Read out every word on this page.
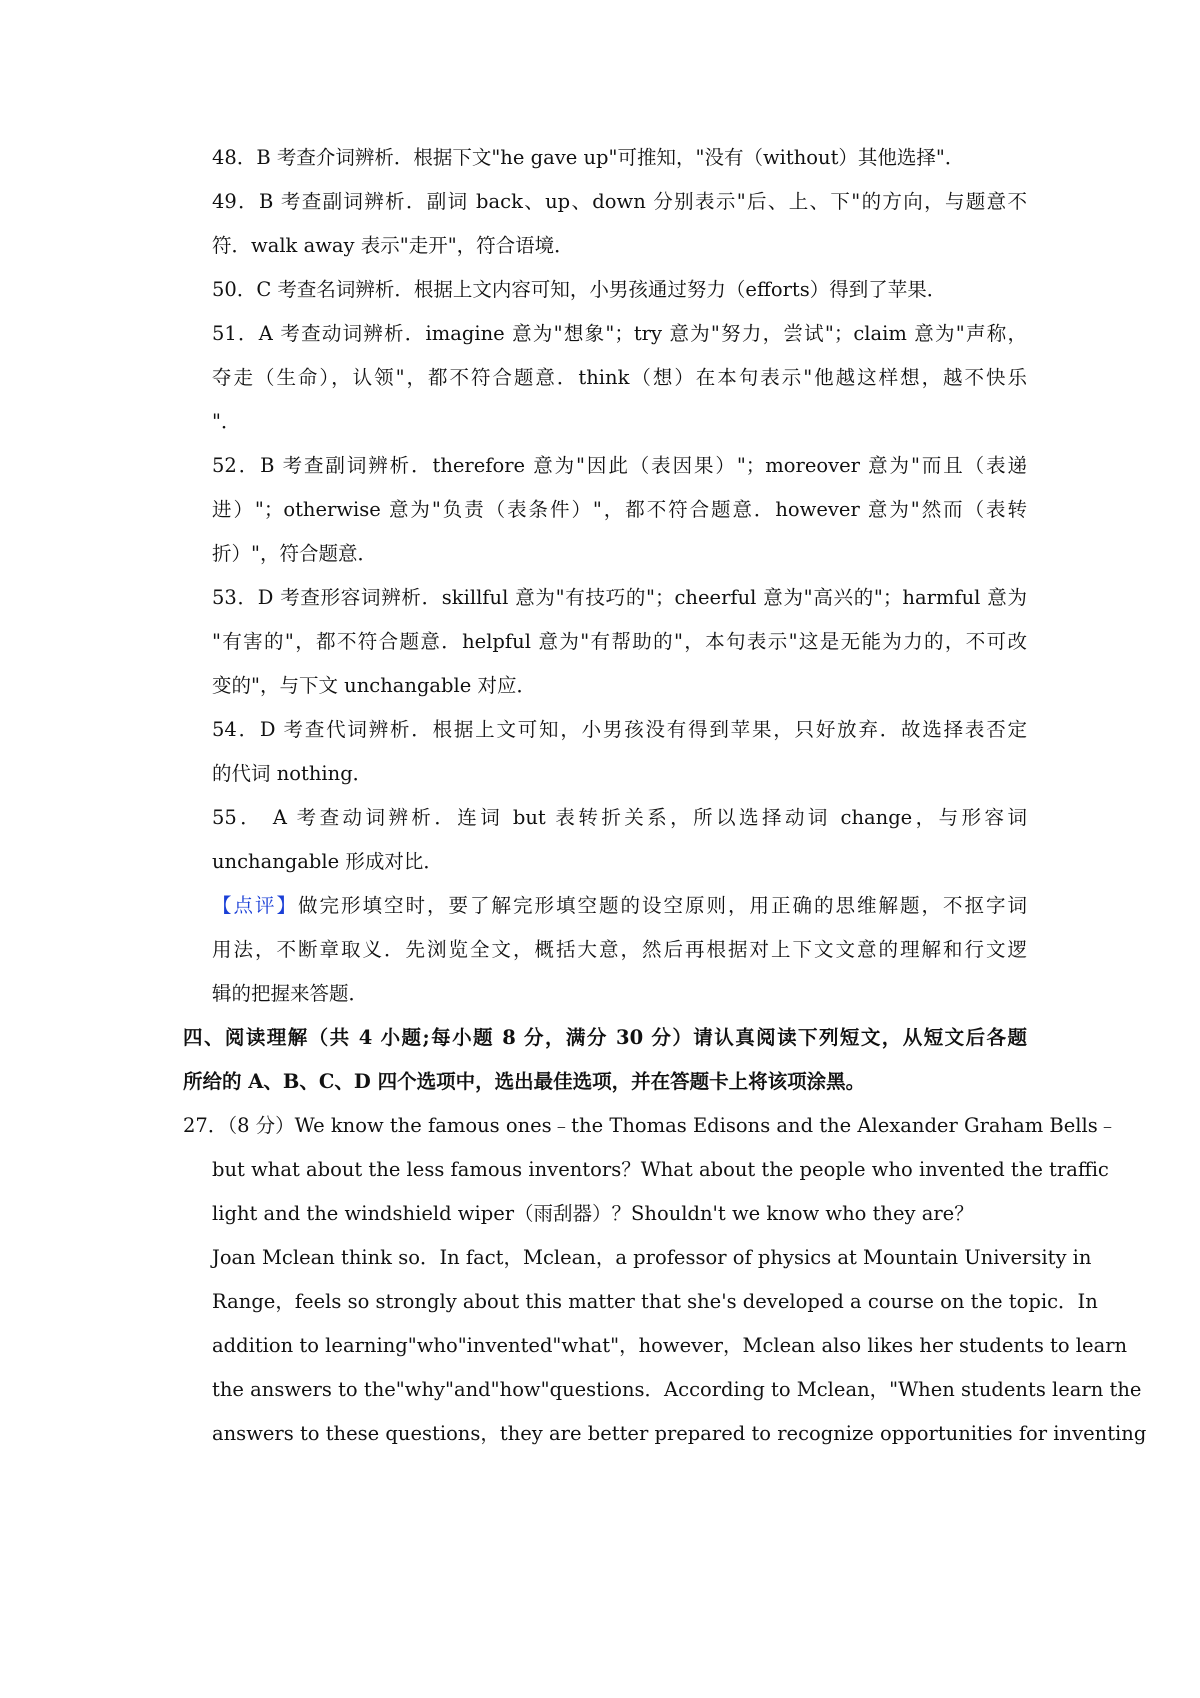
48．B 考查介词辨析．根据下文"he gave up"可推知，"没有（without）其他选择"．
49．B 考查副词辨析．副词 back、up、down 分别表示"后、上、下"的方向，与题意不
符．walk away 表示"走开"，符合语境．
50．C 考查名词辨析．根据上文内容可知，小男孩通过努力（efforts）得到了苹果．
51．A 考查动词辨析．imagine 意为"想象"；try 意为"努力，尝试"；claim 意为"声称，
夺走（生命），认领"，都不符合题意．think（想）在本句表示"他越这样想，越不快乐
"．
52．B 考查副词辨析．therefore 意为"因此（表因果）"；moreover 意为"而且（表递
进）"；otherwise 意为"负责（表条件）"，都不符合题意．however 意为"然而（表转
折）"，符合题意．
53．D 考查形容词辨析．skillful 意为"有技巧的"；cheerful 意为"高兴的"；harmful 意为
"有害的"，都不符合题意．helpful 意为"有帮助的"，本句表示"这是无能为力的，不可改
变的"，与下文 unchangable 对应．
54．D 考查代词辨析．根据上文可知，小男孩没有得到苹果，只好放弃．故选择表否定
的代词 nothing．
55． A 考查动词辨析．连词 but 表转折关系，所以选择动词 change，与形容词
unchangable 形成对比．
【点评】做完形填空时，要了解完形填空题的设空原则，用正确的思维解题，不抠字词
用法，不断章取义．先浏览全文，概括大意，然后再根据对上下文文意的理解和行文逻
辑的把握来答题．
四、阅读理解（共 4 小题;每小题 8 分，满分 30 分）请认真阅读下列短文，从短文后各题
所给的 A、B、C、D 四个选项中，选出最佳选项，并在答题卡上将该项涂黑。
27．（8 分）We know the famous ones﹣the Thomas Edisons and the Alexander Graham Bells﹣
but what about the less famous inventors？What about the people who invented the traffic
light and the windshield wiper（雨刮器）？Shouldn't we know who they are？
Joan Mclean think so．In fact，Mclean，a professor of physics at Mountain University in
Range，feels so strongly about this matter that she's developed a course on the topic．In
addition to learning"who"invented"what"，however，Mclean also likes her students to learn
the answers to the"why"and"how"questions．According to Mclean，"When students learn the
answers to these questions，they are better prepared to recognize opportunities for inventing
